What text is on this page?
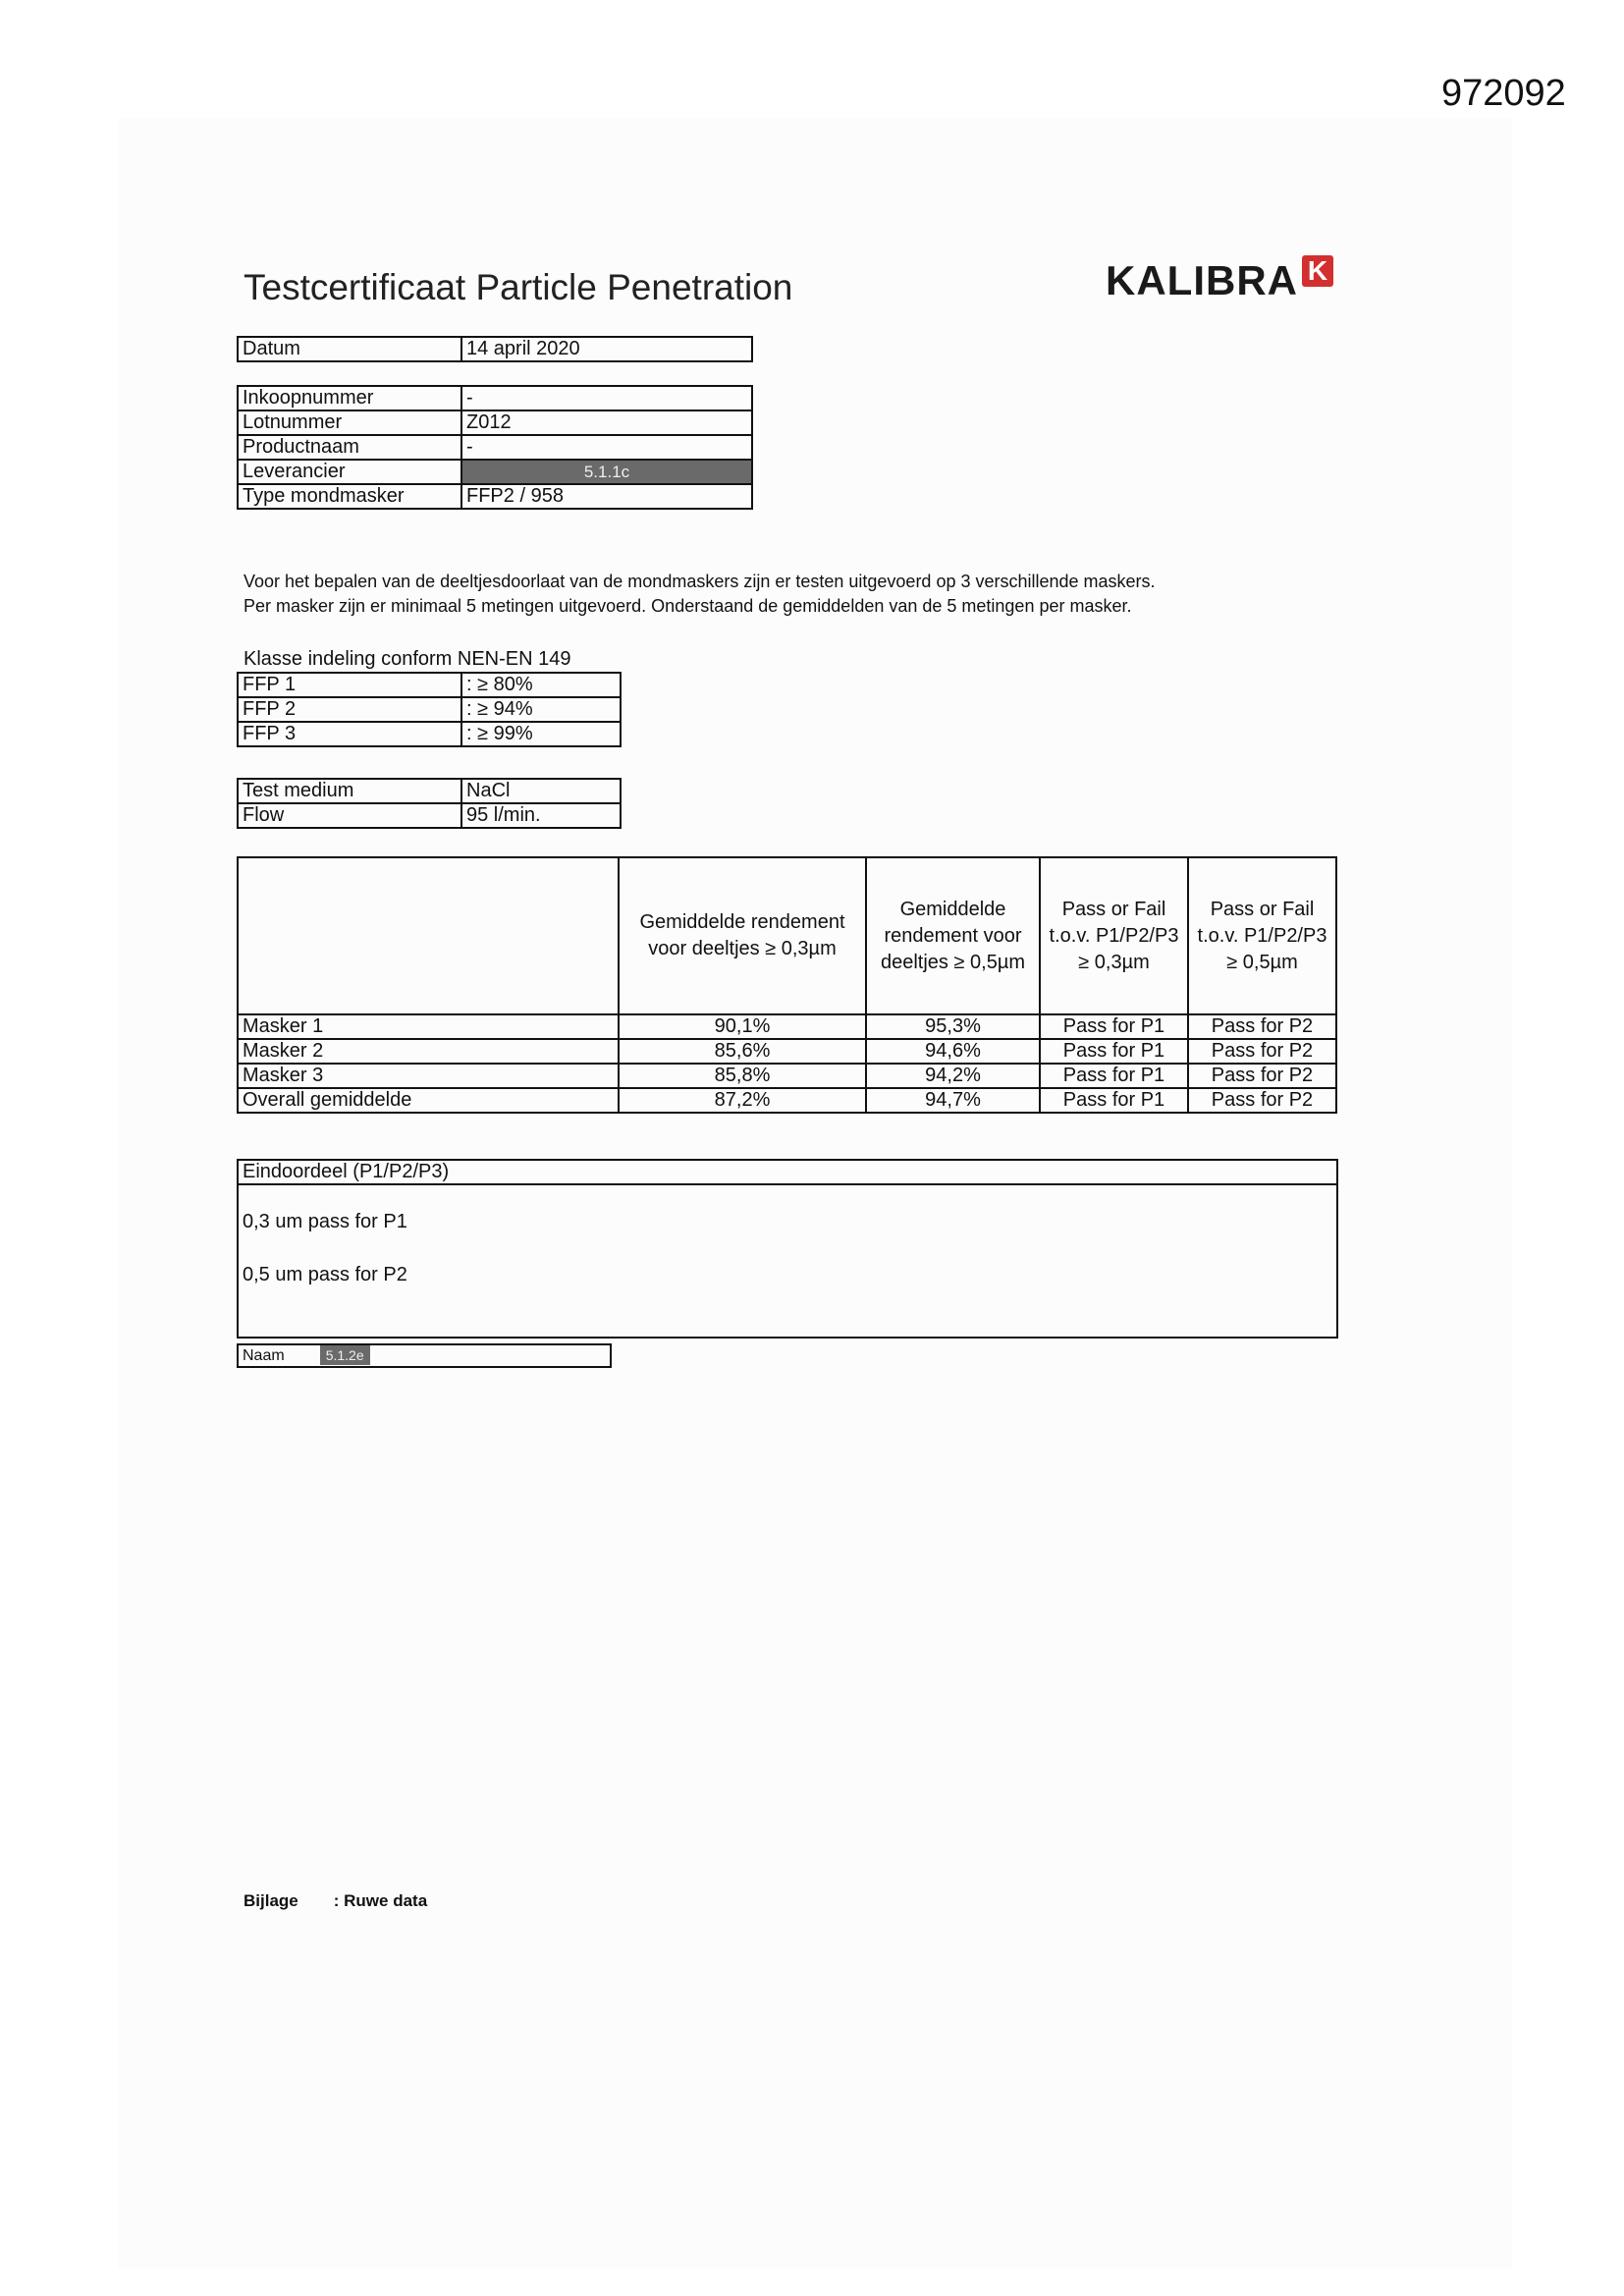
972092
Testcertificaat Particle Penetration	KALIBRA K
Datum	14 april 2020
Inkoopnummer	-
Lotnummer	Z012
Productnaam	-
Leverancier	5.1.1c
Type mondmasker	FFP2 / 958
Voor het bepalen van de deeltjesdoorlaat van de mondmaskers zijn er testen uitgevoerd op 3 verschillende maskers.
Per masker zijn er minimaal 5 metingen uitgevoerd. Onderstaand de gemiddelden van de 5 metingen per masker.
Klasse indeling conform NEN-EN 149
FFP 1	: ≥ 80%
FFP 2	: ≥ 94%
FFP 3	: ≥ 99%
Test medium	NaCl
Flow	95 l/min.
	Gemiddelde rendement voor deeltjes ≥ 0,3µm	Gemiddelde rendement voor deeltjes ≥ 0,5µm	Pass or Fail t.o.v. P1/P2/P3 ≥ 0,3µm	Pass or Fail t.o.v. P1/P2/P3 ≥ 0,5µm
Masker 1	90,1%	95,3%	Pass for P1	Pass for P2
Masker 2	85,6%	94,6%	Pass for P1	Pass for P2
Masker 3	85,8%	94,2%	Pass for P1	Pass for P2
Overall gemiddelde	87,2%	94,7%	Pass for P1	Pass for P2
Eindoordeel (P1/P2/P3)
0,3 um pass for P1
0,5 um pass for P2
Naam	5.1.2e
Bijlage : Ruwe data
